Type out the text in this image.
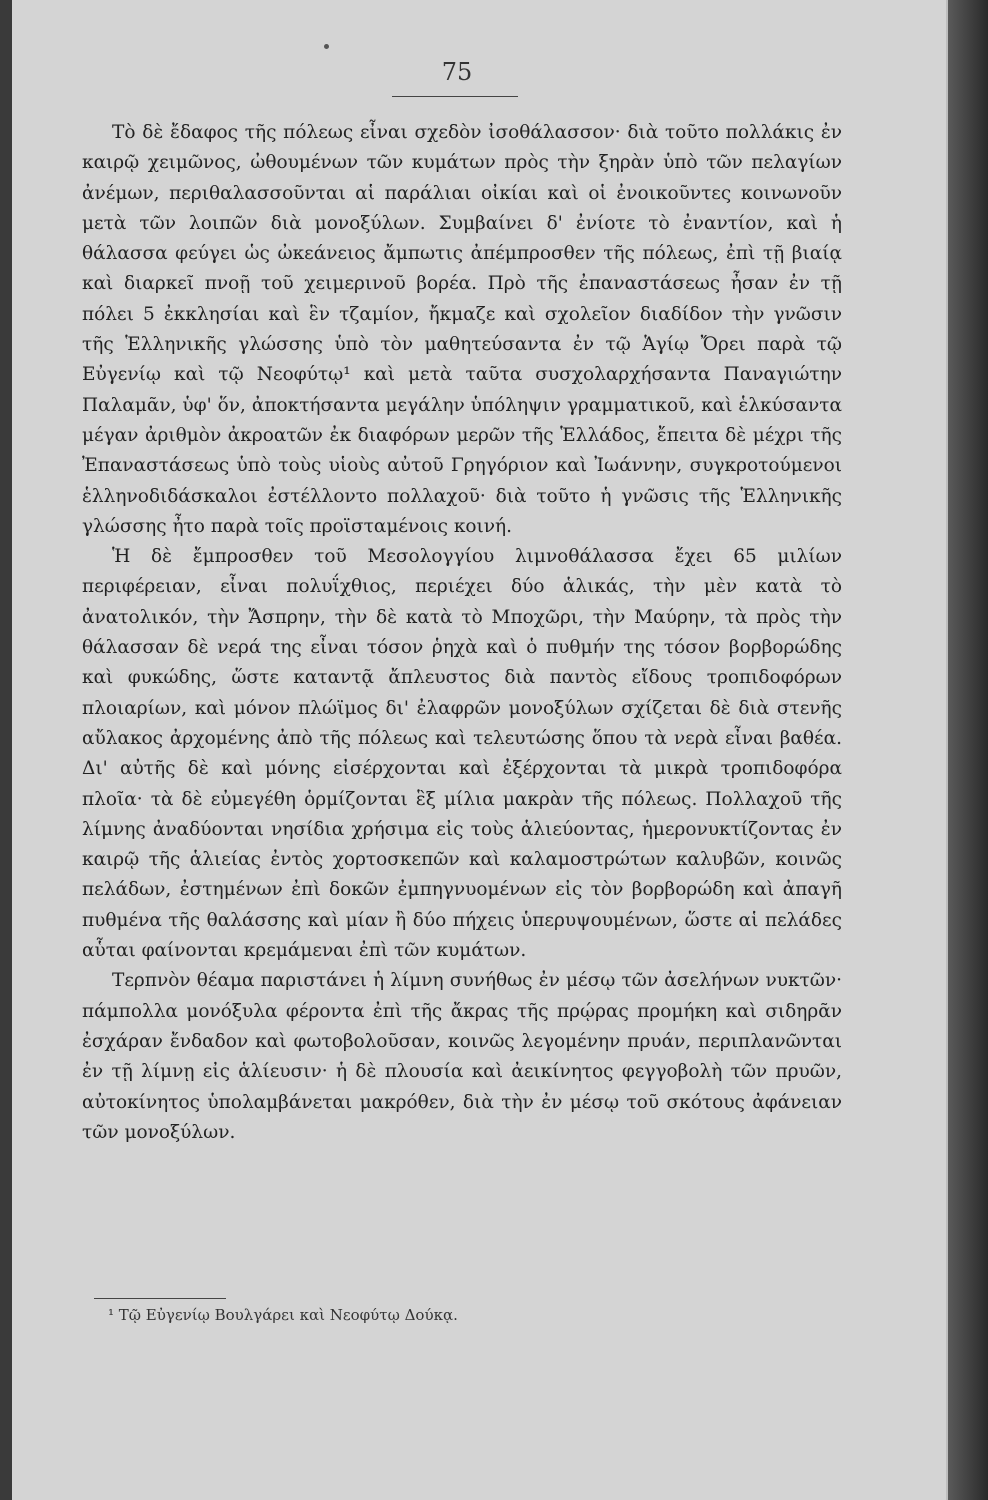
75

Τὸ δὲ ἔδαφος τῆς πόλεως εἶναι σχεδὸν ἰσοθάλασσον· διὰ τοῦτο πολλάκις ἐν καιρῷ χειμῶνος, ὠθουμένων τῶν κυμάτων πρὸς τὴν ξηρὰν ὑπὸ τῶν πελαγίων ἀνέμων, περιθαλασσοῦνται αἱ παράλιαι οἰκίαι καὶ οἱ ἐνοικοῦντες κοινωνοῦν μετὰ τῶν λοιπῶν διὰ μονοξύλων. Συμβαίνει δ' ἐνίοτε τὸ ἐναντίον, καὶ ἡ θάλασσα φεύγει ὡς ὠκεάνειος ἄμπωτις ἀπέμπροσθεν τῆς πόλεως, ἐπὶ τῇ βιαίᾳ καὶ διαρκεῖ πνοῇ τοῦ χειμερινοῦ βορέα. Πρὸ τῆς ἐπαναστάσεως ἦσαν ἐν τῇ πόλει 5 ἐκκλησίαι καὶ ἓν τζαμίον, ἤκμαζε καὶ σχολεῖον διαδίδον τὴν γνῶσιν τῆς Ἑλληνικῆς γλώσσης ὑπὸ τὸν μαθητεύσαντα ἐν τῷ Ἁγίῳ Ὄρει παρὰ τῷ Εὐγενίῳ καὶ τῷ Νεοφύτῳ¹ καὶ μετὰ ταῦτα συσχολαρχήσαντα Παναγιώτην Παλαμᾶν, ὑφ' ὅν, ἀποκτήσαντα μεγάλην ὑπόληψιν γραμματικοῦ, καὶ ἑλκύσαντα μέγαν ἀριθμὸν ἀκροατῶν ἐκ διαφόρων μερῶν τῆς Ἑλλάδος, ἔπειτα δὲ μέχρι τῆς Ἐπαναστάσεως ὑπὸ τοὺς υἱοὺς αὐτοῦ Γρηγόριον καὶ Ἰωάννην, συγκροτούμενοι ἑλληνοδιδάσκαλοι ἐστέλλοντο πολλαχοῦ· διὰ τοῦτο ἡ γνῶσις τῆς Ἑλληνικῆς γλώσσης ἦτο παρὰ τοῖς προϊσταμένοις κοινή.

Ἡ δὲ ἔμπροσθεν τοῦ Μεσολογγίου λιμνοθάλασσα ἔχει 65 μιλίων περιφέρειαν, εἶναι πολυΐχθιος, περιέχει δύο ἁλικάς, τὴν μὲν κατὰ τὸ ἀνατολικόν, τὴν Ἄσπρην, τὴν δὲ κατὰ τὸ Μποχῶρι, τὴν Μαύρην, τὰ πρὸς τὴν θάλασσαν δὲ νερά της εἶναι τόσον ῥηχὰ καὶ ὁ πυθμήν της τόσον βορβορώδης καὶ φυκώδης, ὥστε καταντᾷ ἄπλευστος διὰ παντὸς εἴδους τροπιδοφόρων πλοιαρίων, καὶ μόνον πλώϊμος δι' ἐλαφρῶν μονοξύλων σχίζεται δὲ διὰ στενῆς αὔλακος ἀρχομένης ἀπὸ τῆς πόλεως καὶ τελευτώσης ὅπου τὰ νερὰ εἶναι βαθέα. Δι' αὐτῆς δὲ καὶ μόνης εἰσέρχονται καὶ ἐξέρχονται τὰ μικρὰ τροπιδοφόρα πλοῖα· τὰ δὲ εὐμεγέθη ὁρμίζονται ἓξ μίλια μακρὰν τῆς πόλεως. Πολλαχοῦ τῆς λίμνης ἀναδύονται νησίδια χρήσιμα εἰς τοὺς ἁλιεύοντας, ἡμερονυκτίζοντας ἐν καιρῷ τῆς ἁλιείας ἐντὸς χορτοσκεπῶν καὶ καλαμοστρώτων καλυβῶν, κοινῶς πελάδων, ἐστημένων ἐπὶ δοκῶν ἐμπηγνυομένων εἰς τὸν βορβορώδη καὶ ἀπαγῆ πυθμένα τῆς θαλάσσης καὶ μίαν ἢ δύο πήχεις ὑπερυψουμένων, ὥστε αἱ πελάδες αὗται φαίνονται κρεμάμεναι ἐπὶ τῶν κυμάτων.

Τερπνὸν θέαμα παριστάνει ἡ λίμνη συνήθως ἐν μέσῳ τῶν ἀσελήνων νυκτῶν· πάμπολλα μονόξυλα φέροντα ἐπὶ τῆς ἄκρας τῆς πρῴρας προμήκη καὶ σιδηρᾶν ἐσχάραν ἔνδαδον καὶ φωτοβολοῦσαν, κοινῶς λεγομένην πρυάν, περιπλανῶνται ἐν τῇ λίμνῃ εἰς ἁλίευσιν· ἡ δὲ πλουσία καὶ ἀεικίνητος φεγγοβολὴ τῶν πρυῶν, αὐτοκίνητος ὑπολαμβάνεται μακρόθεν, διὰ τὴν ἐν μέσῳ τοῦ σκότους ἀφάνειαν τῶν μονοξύλων.

¹ Τῷ Εὐγενίῳ Βουλγάρει καὶ Νεοφύτῳ Δούκᾳ.
